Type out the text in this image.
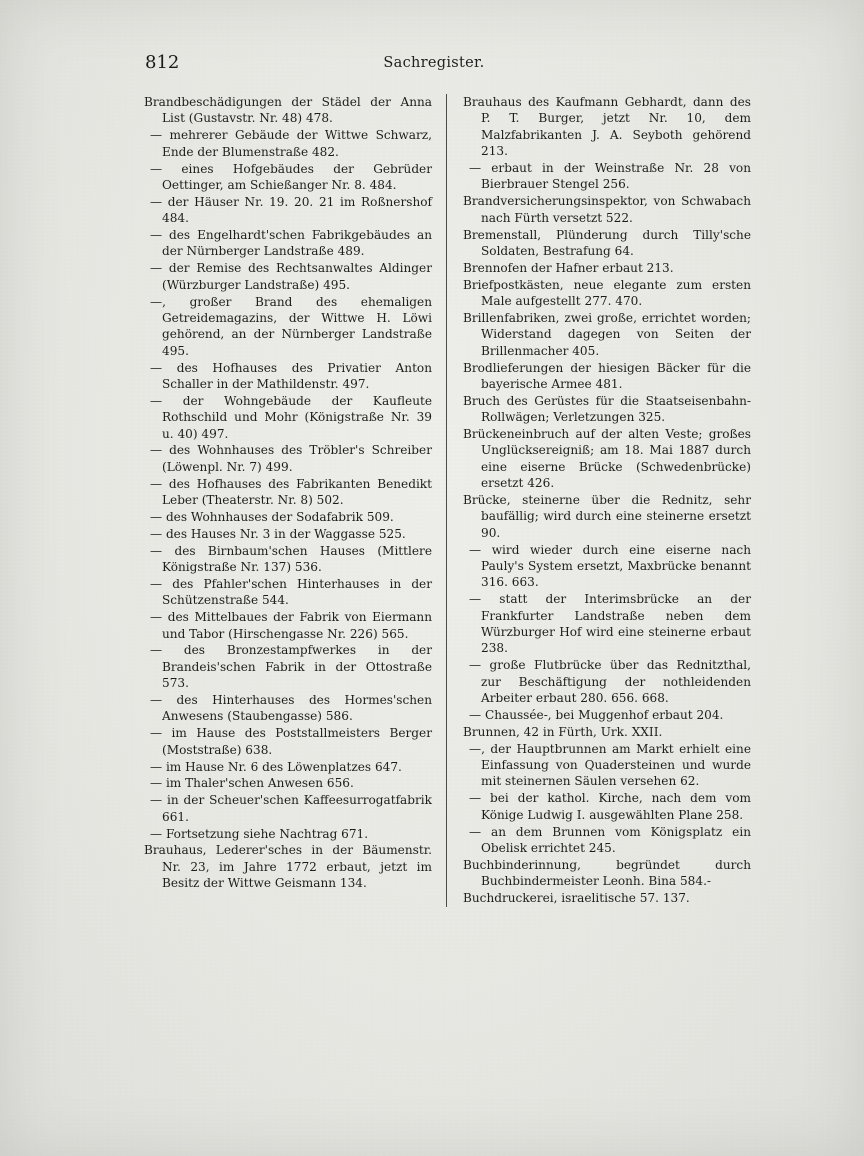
812	Sachregister.

Brandbeschädigungen der Städel der Anna List (Gustavstr. Nr. 48) 478.

— mehrerer Gebäude der Wittwe Schwarz, Ende der Blumenstraße 482.

— eines Hofgebäudes der Gebrüder Oettinger, am Schießanger Nr. 8. 484.

— der Häuser Nr. 19. 20. 21 im Roßnershof 484.

— des Engelhardt'schen Fabrikgebäudes an der Nürnberger Landstraße 489.

— der Remise des Rechtsanwaltes Aldinger (Würzburger Landstraße) 495.

—, großer Brand des ehemaligen Getreidemagazins, der Wittwe H. Löwi gehörend, an der Nürnberger Landstraße 495.

— des Hofhauses des Privatier Anton Schaller in der Mathildenstr. 497.

— der Wohngebäude der Kaufleute Rothschild und Mohr (Königstraße Nr. 39 u. 40) 497.

— des Wohnhauses des Tröbler's Schreiber (Löwenpl. Nr. 7) 499.

— des Hofhauses des Fabrikanten Benedikt Leber (Theaterstr. Nr. 8) 502.

— des Wohnhauses der Sodafabrik 509.

— des Hauses Nr. 3 in der Waggasse 525.

— des Birnbaum'schen Hauses (Mittlere Königstraße Nr. 137) 536.

— des Pfahler'schen Hinterhauses in der Schützenstraße 544.

— des Mittelbaues der Fabrik von Eiermann und Tabor (Hirschengasse Nr. 226) 565.

— des Bronzestampfwerkes in der Brandeis'schen Fabrik in der Ottostraße 573.

— des Hinterhauses des Hormes'schen Anwesens (Staubengasse) 586.

— im Hause des Poststallmeisters Berger (Moststraße) 638.

— im Hause Nr. 6 des Löwenplatzes 647.

— im Thaler'schen Anwesen 656.

— in der Scheuer'schen Kaffeesurrogatfabrik 661.

— Fortsetzung siehe Nachtrag 671.

Brauhaus, Lederer'sches in der Bäumenstr. Nr. 23, im Jahre 1772 erbaut, jetzt im Besitz der Wittwe Geismann 134.

Brauhaus des Kaufmann Gebhardt, dann des P. T. Burger, jetzt Nr. 10, dem Malzfabrikanten J. A. Seyboth gehörend 213.

— erbaut in der Weinstraße Nr. 28 von Bierbrauer Stengel 256.

Brandversicherungsinspektor, von Schwabach nach Fürth versetzt 522.

Bremenstall, Plünderung durch Tilly'sche Soldaten, Bestrafung 64.

Brennofen der Hafner erbaut 213.

Briefpostkästen, neue elegante zum ersten Male aufgestellt 277. 470.

Brillenfabriken, zwei große, errichtet worden; Widerstand dagegen von Seiten der Brillenmacher 405.

Brodlieferungen der hiesigen Bäcker für die bayerische Armee 481.

Bruch des Gerüstes für die Staatseisenbahn-Rollwägen; Verletzungen 325.

Brückeneinbruch auf der alten Veste; großes Unglücksereigniß; am 18. Mai 1887 durch eine eiserne Brücke (Schwedenbrücke) ersetzt 426.

Brücke, steinerne über die Rednitz, sehr baufällig; wird durch eine steinerne ersetzt 90.

— wird wieder durch eine eiserne nach Pauly's System ersetzt, Maxbrücke benannt 316. 663.

— statt der Interimsbrücke an der Frankfurter Landstraße neben dem Würzburger Hof wird eine steinerne erbaut 238.

— große Flutbrücke über das Rednitzthal, zur Beschäftigung der nothleidenden Arbeiter erbaut 280. 656. 668.

— Chaussée-, bei Muggenhof erbaut 204.

Brunnen, 42 in Fürth, Urk. XXII.

—, der Hauptbrunnen am Markt erhielt eine Einfassung von Quadersteinen und wurde mit steinernen Säulen versehen 62.

— bei der kathol. Kirche, nach dem vom Könige Ludwig I. ausgewählten Plane 258.

— an dem Brunnen vom Königsplatz ein Obelisk errichtet 245.

Buchbinderinnung, begründet durch Buchbindermeister Leonh. Bina 584.-

Buchdruckerei, israelitische 57. 137.
